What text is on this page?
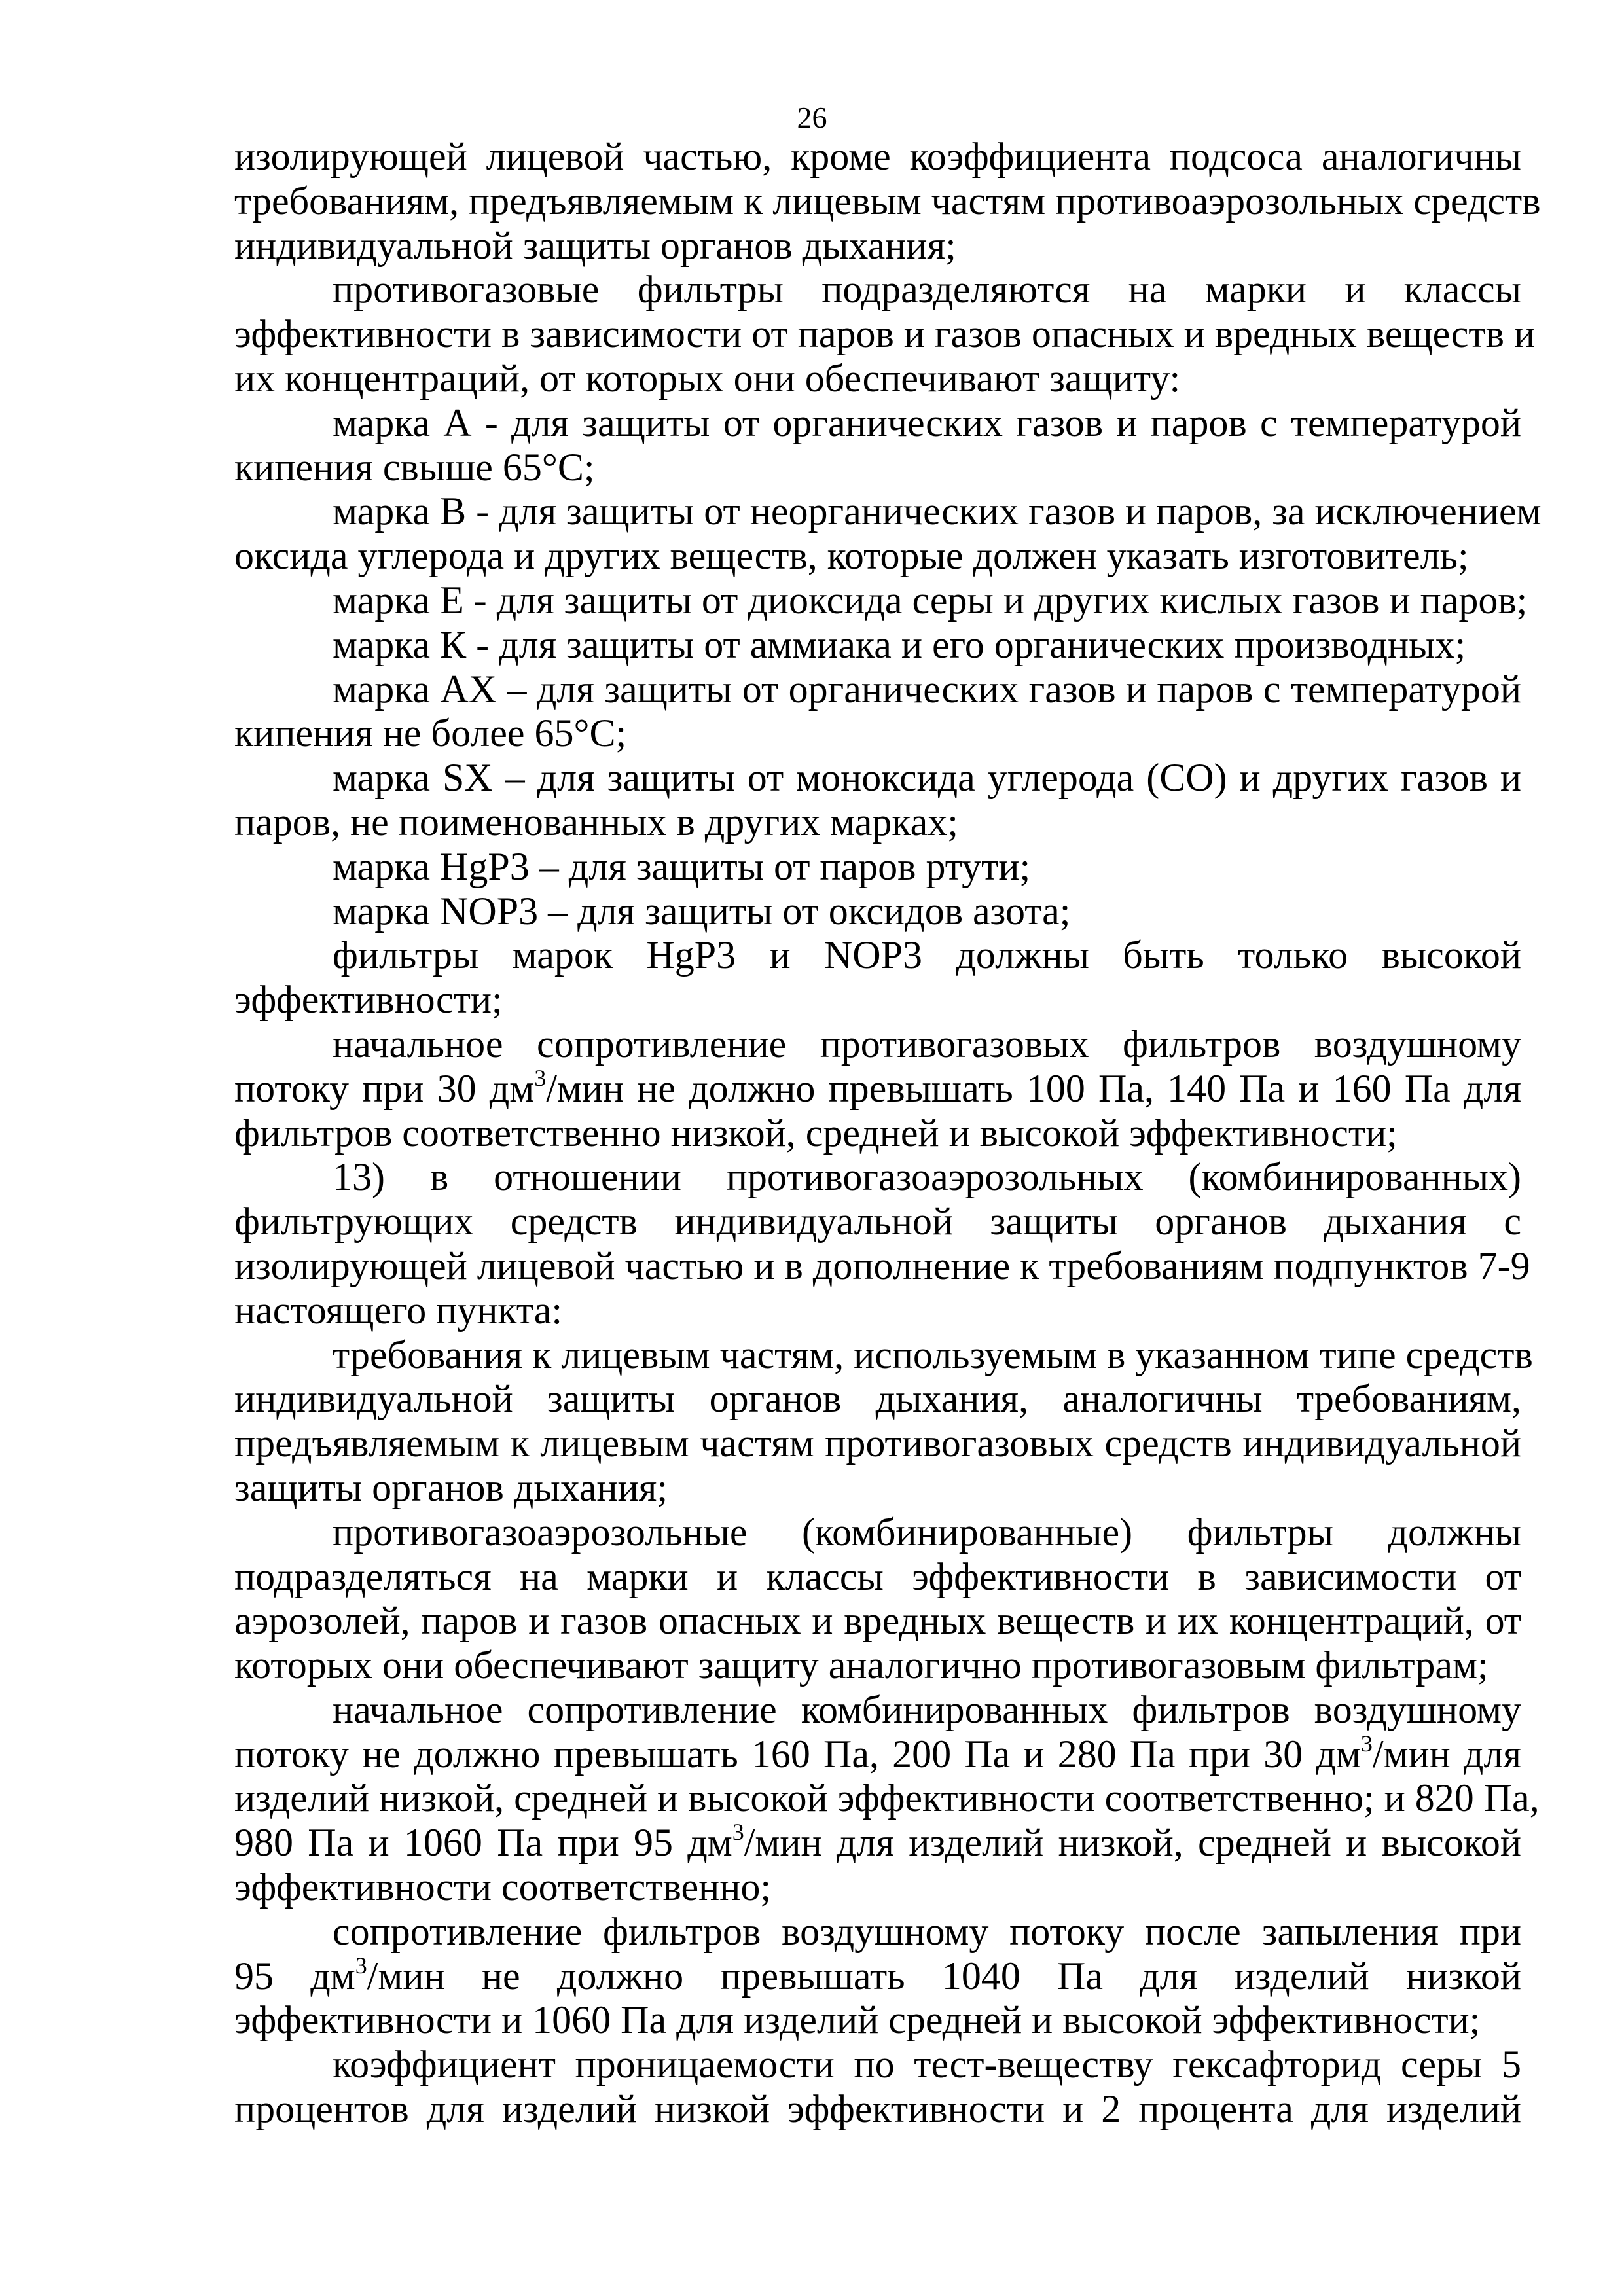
26
изолирующей лицевой частью, кроме коэффициента подсоса аналогичны
требованиям, предъявляемым к лицевым частям противоаэрозольных средств
индивидуальной защиты органов дыхания;
противогазовые фильтры подразделяются на марки и классы
эффективности в зависимости от паров и газов опасных и вредных веществ и
их концентраций, от которых они обеспечивают защиту:
марка А - для защиты от органических газов и паров с температурой
кипения свыше 65°С;
марка В - для защиты от неорганических газов и паров, за исключением
оксида углерода и других веществ, которые должен указать изготовитель;
марка Е - для защиты от диоксида серы и других кислых газов и паров;
марка К - для защиты от аммиака и его органических производных;
марка АХ – для защиты от органических газов и паров с температурой
кипения не более 65°С;
марка SX – для защиты от моноксида углерода (СО) и других газов и
паров, не поименованных в других марках;
марка HgP3 – для защиты от паров ртути;
марка NOP3 – для защиты от оксидов азота;
фильтры марок HgP3 и NOP3 должны быть только высокой
эффективности;
начальное сопротивление противогазовых фильтров воздушному
потоку при 30 $дм^3$/мин не должно превышать 100 Па, 140 Па и 160 Па для
фильтров соответственно низкой, средней и высокой эффективности;
13) в отношении противогазоаэрозольных (комбинированных)
фильтрующих средств индивидуальной защиты органов дыхания с
изолирующей лицевой частью и в дополнение к требованиям подпунктов 7-9
настоящего пункта:
требования к лицевым частям, используемым в указанном типе средств
индивидуальной защиты органов дыхания, аналогичны требованиям,
предъявляемым к лицевым частям противогазовых средств индивидуальной
защиты органов дыхания;
противогазоаэрозольные (комбинированные) фильтры должны
подразделяться на марки и классы эффективности в зависимости от
аэрозолей, паров и газов опасных и вредных веществ и их концентраций, от
которых они обеспечивают защиту аналогично противогазовым фильтрам;
начальное сопротивление комбинированных фильтров воздушному
потоку не должно превышать 160 Па, 200 Па и 280 Па при 30 $дм^3$/мин для
изделий низкой, средней и высокой эффективности соответственно; и 820 Па,
980 Па и 1060 Па при 95 $дм^3$/мин для изделий низкой, средней и высокой
эффективности соответственно;
сопротивление фильтров воздушному потоку после запыления при
95 $дм^3$/мин не должно превышать 1040 Па для изделий низкой
эффективности и 1060 Па для изделий средней и высокой эффективности;
коэффициент проницаемости по тест-веществу гексафторид серы 5
процентов для изделий низкой эффективности и 2 процента для изделий
